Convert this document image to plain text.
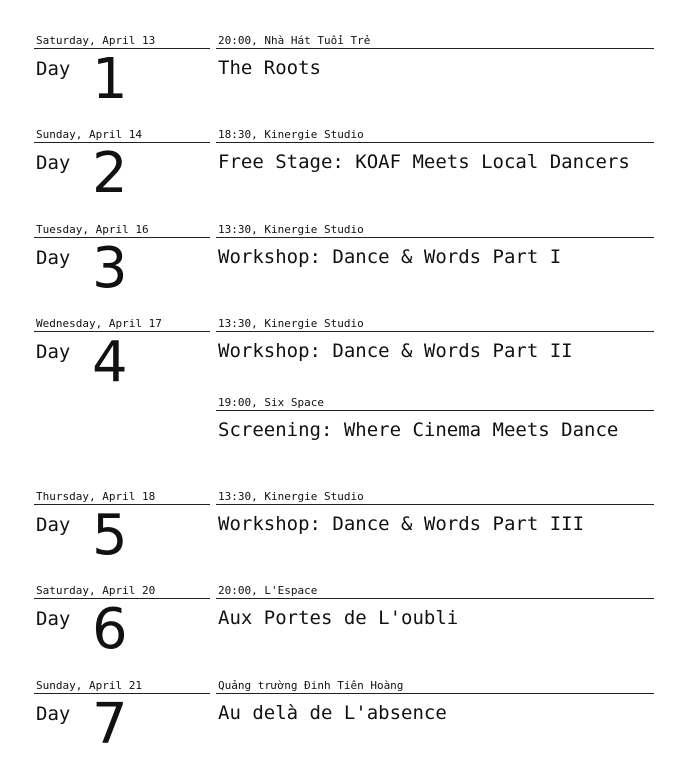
Saturday, April 13
Day 1
20:00, Nhà Hát Tuổi Trẻ
The Roots
Sunday, April 14
Day 2
18:30, Kinergie Studio
Free Stage: KOAF Meets Local Dancers
Tuesday, April 16
Day 3
13:30, Kinergie Studio
Workshop: Dance & Words Part I
Wednesday, April 17
Day 4
13:30, Kinergie Studio
Workshop: Dance & Words Part II
19:00, Six Space
Screening: Where Cinema Meets Dance
Thursday, April 18
Day 5
13:30, Kinergie Studio
Workshop: Dance & Words Part III
Saturday, April 20
Day 6
20:00, L'Espace
Aux Portes de L'oubli
Sunday, April 21
Day 7
Quảng trường Đinh Tiên Hoàng
Au delà de L'absence
